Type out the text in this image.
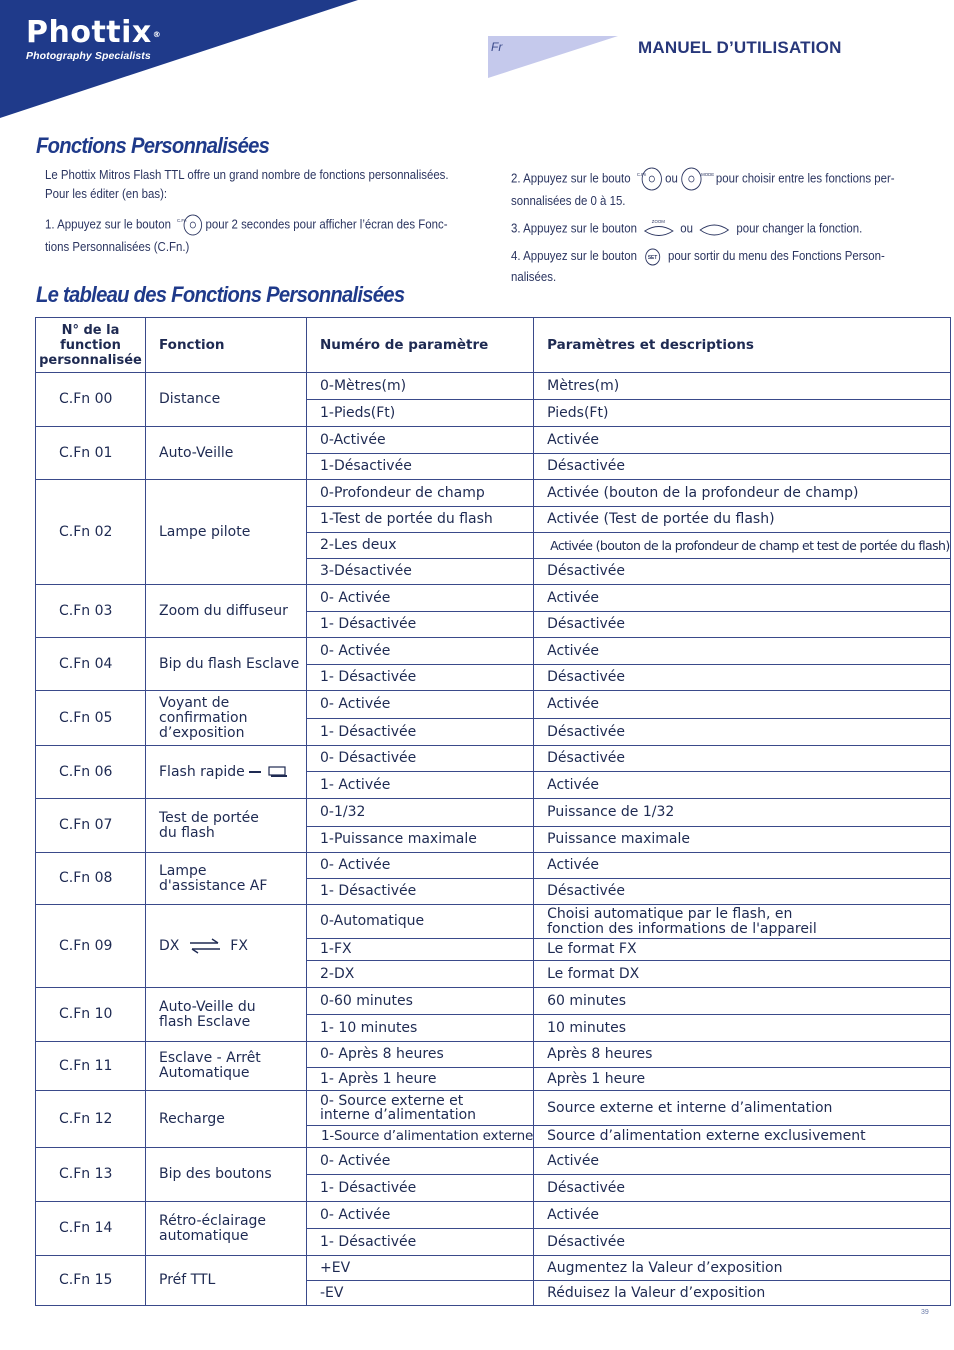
Phottix®
Photography Specialists
Fr	MANUEL D’UTILISATION
Fonctions Personnalisées
Le Phottix Mitros Flash TTL offre un grand nombre de fonctions personnalisées.
Pour les éditer (en bas):
1. Appuyez sur le bouton C.Fn pour 2 secondes pour afficher l’écran des Fonc-
tions Personnalisées (C.Fn.)
2. Appuyez sur le bouto C.Fn ou	MODE pour choisir entre les fonctions per-
sonnalisées de 0 à 15.
3. Appuyez sur le bouton	ZOOM ou	pour changer la fonction.
4. Appuyez sur le bouton SET pour sortir du menu des Fonctions Person-
nalisées.
Le tableau des Fonctions Personnalisées
N° de la function personnalisée	Fonction	Numéro de paramètre	Paramètres et descriptions
C.Fn 00	Distance	0-Mètres(m)	Mètres(m)
		1-Pieds(Ft)	Pieds(Ft)
C.Fn 01	Auto-Veille	0-Activée	Activée
		1-Désactivée	Désactivée
C.Fn 02	Lampe pilote	0-Profondeur de champ	Activée (bouton de la profondeur de champ)
		1-Test de portée du flash	Activée (Test de portée du flash)
		2-Les deux	Activée (bouton de la profondeur de champ et test de portée du flash)
		3-Désactivée	Désactivée
C.Fn 03	Zoom du diffuseur	0- Activée	Activée
		1- Désactivée	Désactivée
C.Fn 04	Bip du flash Esclave	0- Activée	Activée
		1- Désactivée	Désactivée
C.Fn 05	Voyant de confirmation d’exposition	0- Activée	Activée
		1- Désactivée	Désactivée
C.Fn 06	Flash rapide	0- Désactivée	Désactivée
		1- Activée	Activée
C.Fn 07	Test de portée du flash	0-1/32	Puissance de 1/32
		1-Puissance maximale	Puissance maximale
C.Fn 08	Lampe d'assistance AF	0- Activée	Activée
		1- Désactivée	Désactivée
C.Fn 09	DX FX	0-Automatique	Choisi automatique par le flash, en fonction des informations de l'appareil
		1-FX	Le format FX
		2-DX	Le format DX
C.Fn 10	Auto-Veille du flash Esclave	0-60 minutes	60 minutes
		1- 10 minutes	10 minutes
C.Fn 11	Esclave - Arrêt Automatique	0- Après 8 heures	Après 8 heures
		1- Après 1 heure	Après 1 heure
C.Fn 12	Recharge	0- Source externe et interne d’alimentation	Source externe et interne d’alimentation
		1-Source d’alimentation externe	Source d’alimentation externe exclusivement
C.Fn 13	Bip des boutons	0- Activée	Activée
		1- Désactivée	Désactivée
C.Fn 14	Rétro-éclairage automatique	0- Activée	Activée
		1- Désactivée	Désactivée
C.Fn 15	Préf TTL	+EV	Augmentez la Valeur d’exposition
		-EV	Réduisez la Valeur d’exposition
39
